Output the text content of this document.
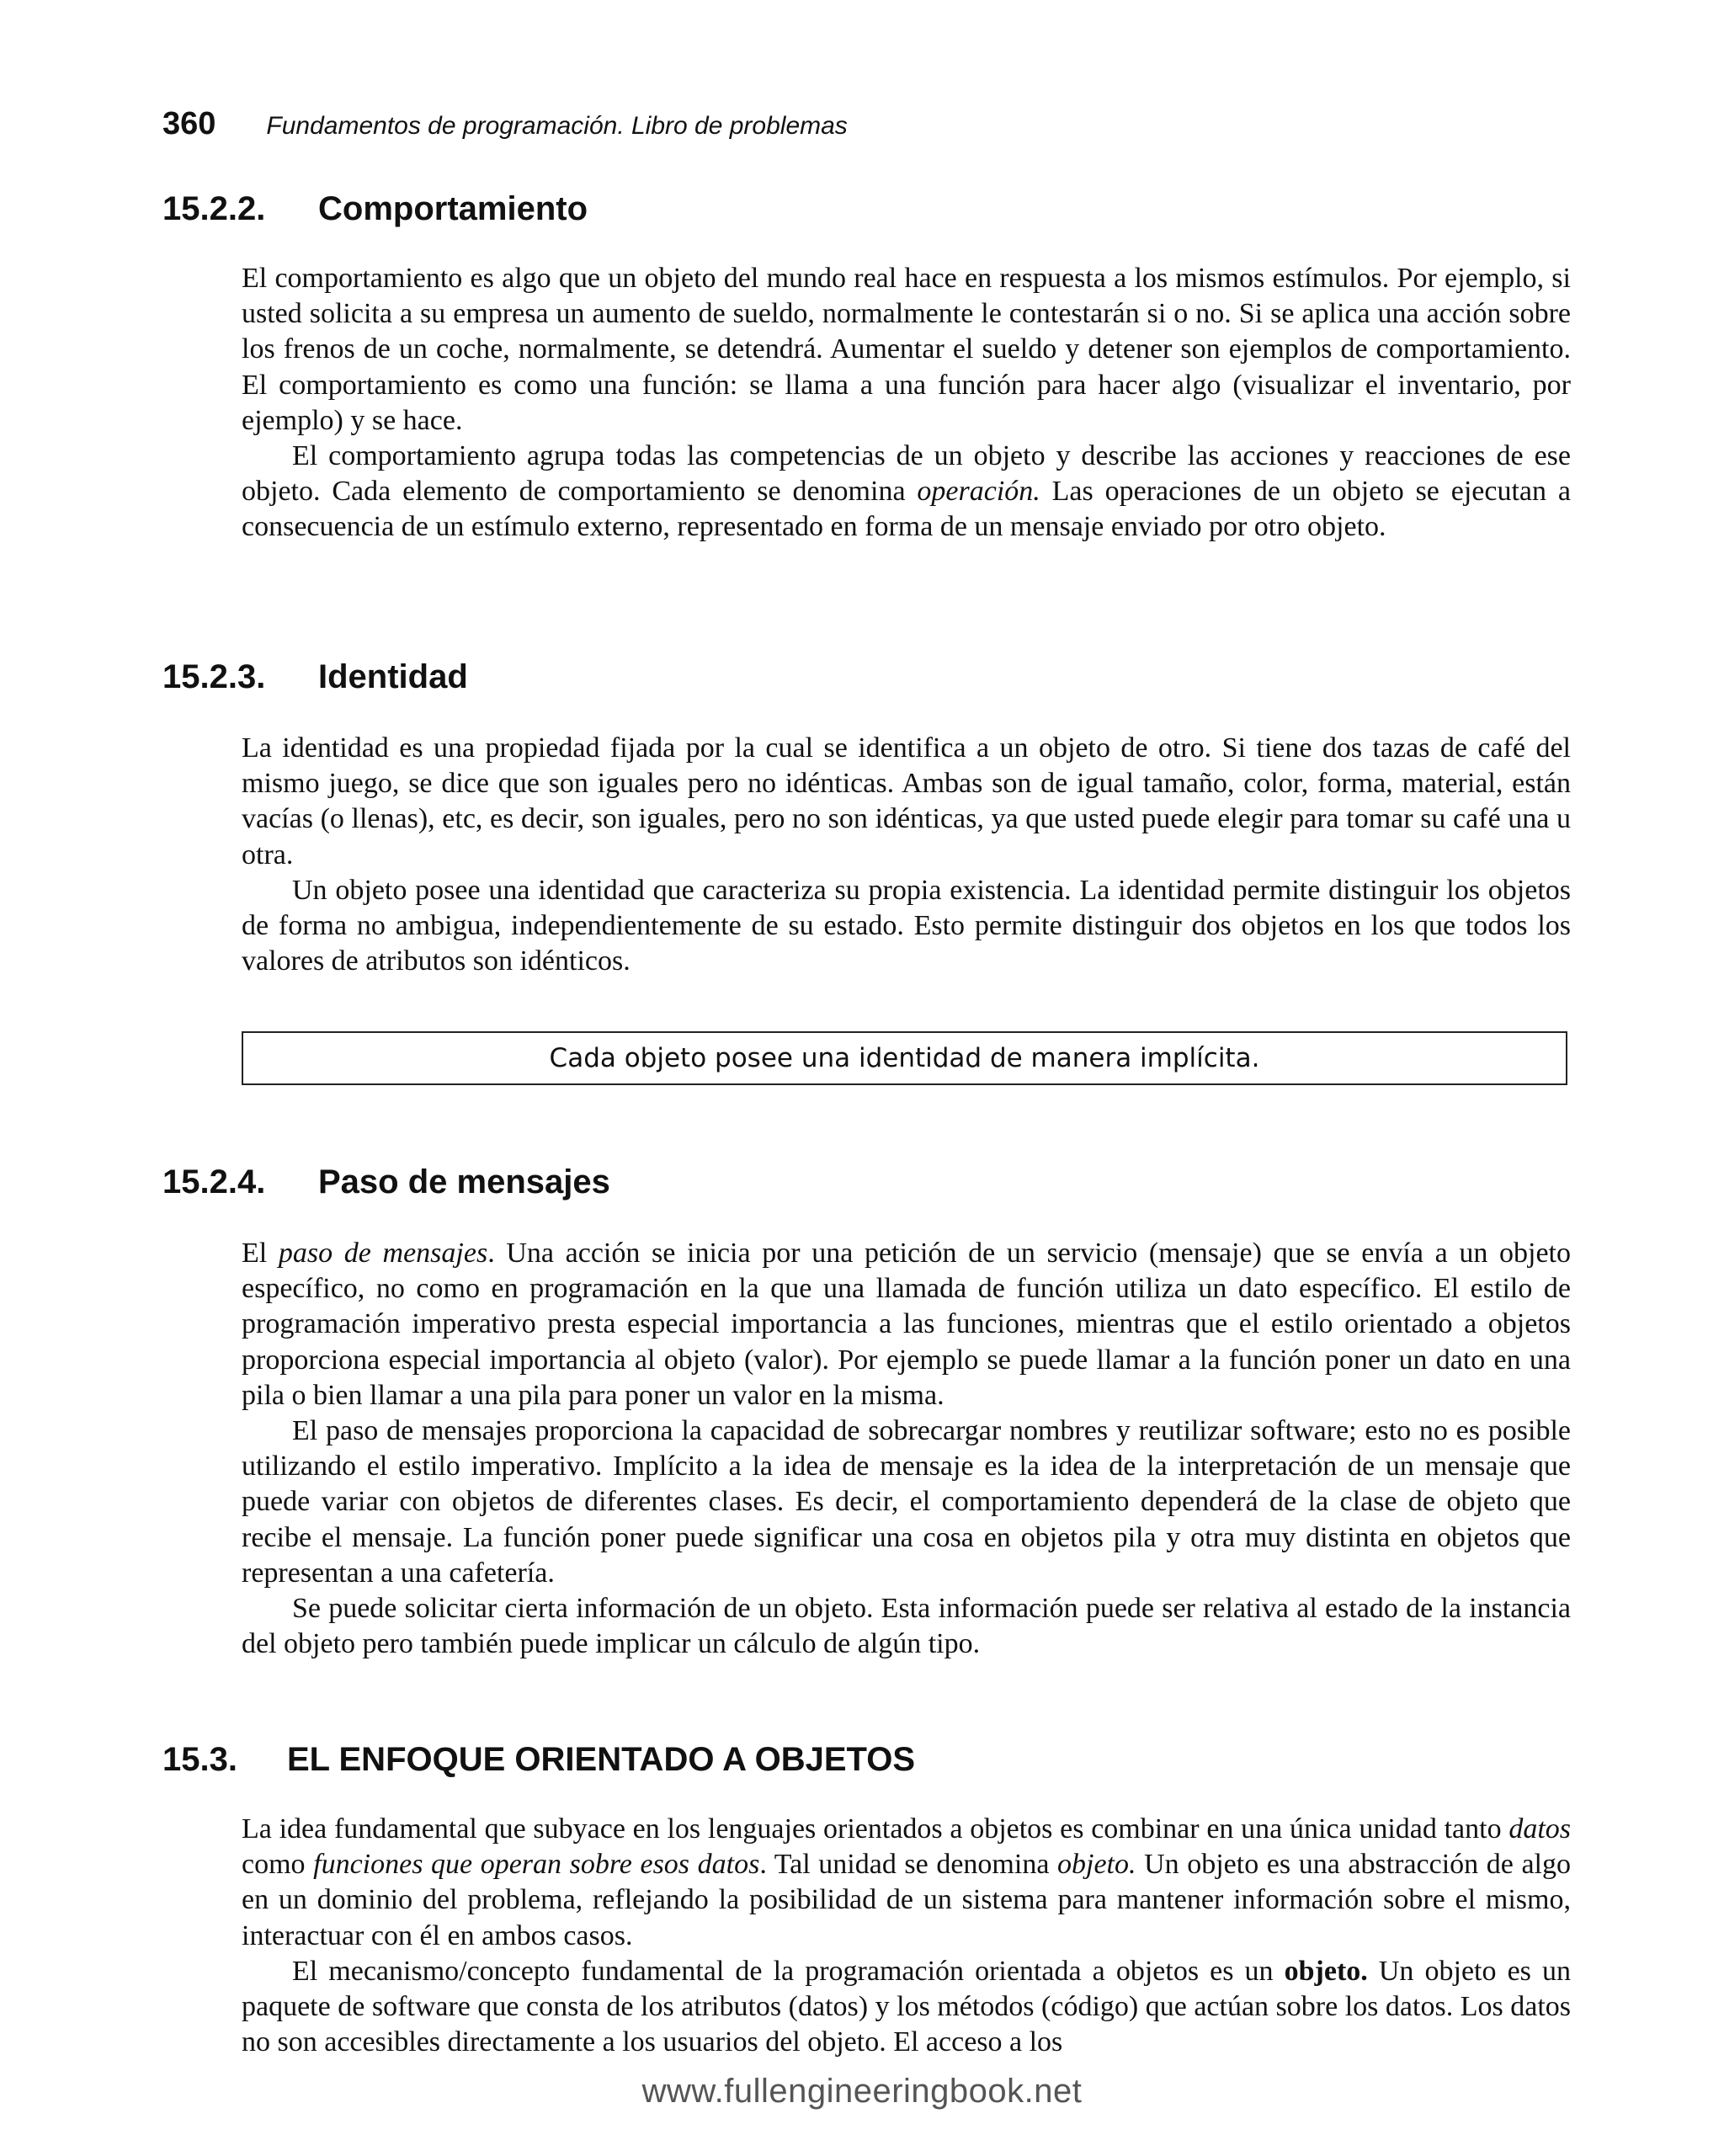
360 Fundamentos de programación. Libro de problemas
15.2.2.	Comportamiento

El comportamiento es algo que un objeto del mundo real hace en respuesta a los mismos estímulos. Por ejemplo, si usted solicita a su empresa un aumento de sueldo, normalmente le contestarán si o no. Si se aplica una acción sobre los frenos de un coche, normalmente, se detendrá. Aumentar el sueldo y detener son ejemplos de comportamiento. El comportamiento es como una función: se llama a una función para hacer algo (visualizar el inventario, por ejemplo) y se hace.

El comportamiento agrupa todas las competencias de un objeto y describe las acciones y reacciones de ese objeto. Cada elemento de comportamiento se denomina operación. Las operaciones de un objeto se ejecutan a consecuencia de un estímulo externo, representado en forma de un mensaje enviado por otro objeto.

15.2.3.	Identidad

La identidad es una propiedad fijada por la cual se identifica a un objeto de otro. Si tiene dos tazas de café del mismo juego, se dice que son iguales pero no idénticas. Ambas son de igual tamaño, color, forma, material, están vacías (o llenas), etc, es decir, son iguales, pero no son idénticas, ya que usted puede elegir para tomar su café una u otra.

Un objeto posee una identidad que caracteriza su propia existencia. La identidad permite distinguir los objetos de forma no ambigua, independientemente de su estado. Esto permite distinguir dos objetos en los que todos los valores de atributos son idénticos.

Cada objeto posee una identidad de manera implícita.
15.2.4.	Paso de mensajes

El paso de mensajes. Una acción se inicia por una petición de un servicio (mensaje) que se envía a un objeto específico, no como en programación en la que una llamada de función utiliza un dato específico. El estilo de programación imperativo presta especial importancia a las funciones, mientras que el estilo orientado a objetos proporciona especial importancia al objeto (valor). Por ejemplo se puede llamar a la función poner un dato en una pila o bien llamar a una pila para poner un valor en la misma.

El paso de mensajes proporciona la capacidad de sobrecargar nombres y reutilizar software; esto no es posible utilizando el estilo imperativo. Implícito a la idea de mensaje es la idea de la interpretación de un mensaje que puede variar con objetos de diferentes clases. Es decir, el comportamiento dependerá de la clase de objeto que recibe el mensaje. La función poner puede significar una cosa en objetos pila y otra muy distinta en objetos que representan a una cafetería.

Se puede solicitar cierta información de un objeto. Esta información puede ser relativa al estado de la instancia del objeto pero también puede implicar un cálculo de algún tipo.

15.3.	EL ENFOQUE ORIENTADO A OBJETOS

La idea fundamental que subyace en los lenguajes orientados a objetos es combinar en una única unidad tanto datos como funciones que operan sobre esos datos. Tal unidad se denomina objeto. Un objeto es una abstracción de algo en un dominio del problema, reflejando la posibilidad de un sistema para mantener información sobre el mismo, interactuar con él en ambos casos.

El mecanismo/concepto fundamental de la programación orientada a objetos es un objeto. Un objeto es un paquete de software que consta de los atributos (datos) y los métodos (código) que actúan sobre los datos. Los datos no son accesibles directamente a los usuarios del objeto. El acceso a los

www.fullengineeringbook.net
